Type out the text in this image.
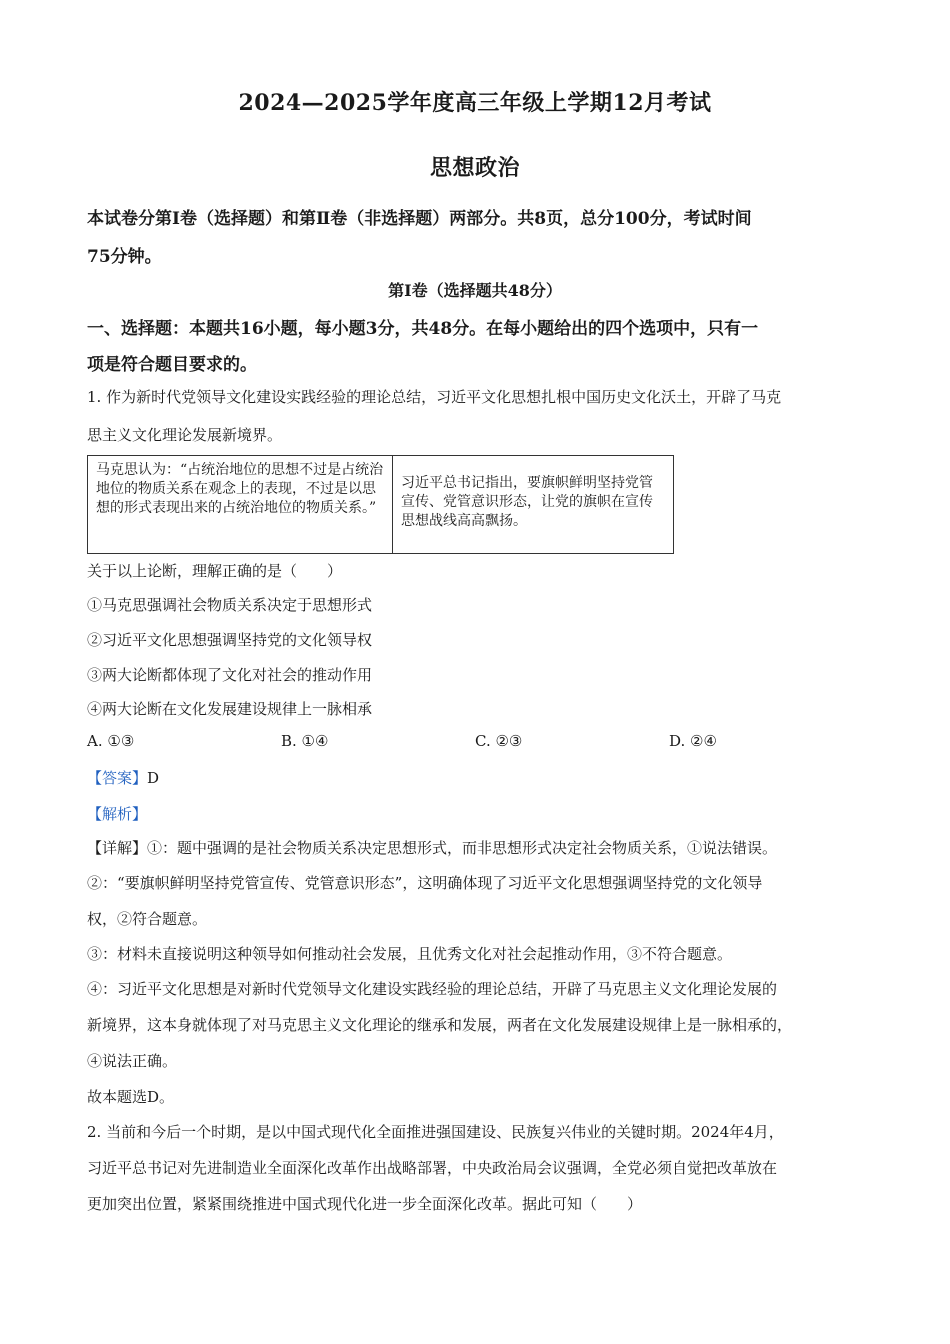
2024—2025学年度高三年级上学期12月考试
思想政治
本试卷分第Ⅰ卷（选择题）和第Ⅱ卷（非选择题）两部分。共8页，总分100分，考试时间
75分钟。
第Ⅰ卷（选择题共48分）
一、选择题：本题共16小题，每小题3分，共48分。在每小题给出的四个选项中，只有一
项是符合题目要求的。
1. 作为新时代党领导文化建设实践经验的理论总结，习近平文化思想扎根中国历史文化沃土，开辟了马克
思主义文化理论发展新境界。
马克思认为：“占统治地位的思想不过是占统治地位的物质关系在观念上的表现，不过是以思想的形式表现出来的占统治地位的物质关系。”
习近平总书记指出，要旗帜鲜明坚持党管宣传、党管意识形态，让党的旗帜在宣传思想战线高高飘扬。
关于以上论断，理解正确的是（　　）
①马克思强调社会物质关系决定于思想形式
②习近平文化思想强调坚持党的文化领导权
③两大论断都体现了文化对社会的推动作用
④两大论断在文化发展建设规律上一脉相承
A. ①③	B. ①④	C. ②③	D. ②④
【答案】D
【解析】
【详解】①：题中强调的是社会物质关系决定思想形式，而非思想形式决定社会物质关系，①说法错误。
②：“要旗帜鲜明坚持党管宣传、党管意识形态”，这明确体现了习近平文化思想强调坚持党的文化领导
权，②符合题意。
③：材料未直接说明这种领导如何推动社会发展，且优秀文化对社会起推动作用，③不符合题意。
④：习近平文化思想是对新时代党领导文化建设实践经验的理论总结，开辟了马克思主义文化理论发展的
新境界，这本身就体现了对马克思主义文化理论的继承和发展，两者在文化发展建设规律上是一脉相承的，
④说法正确。
故本题选D。
2. 当前和今后一个时期，是以中国式现代化全面推进强国建设、民族复兴伟业的关键时期。2024年4月，
习近平总书记对先进制造业全面深化改革作出战略部署，中央政治局会议强调，全党必须自觉把改革放在
更加突出位置，紧紧围绕推进中国式现代化进一步全面深化改革。据此可知（　　）
